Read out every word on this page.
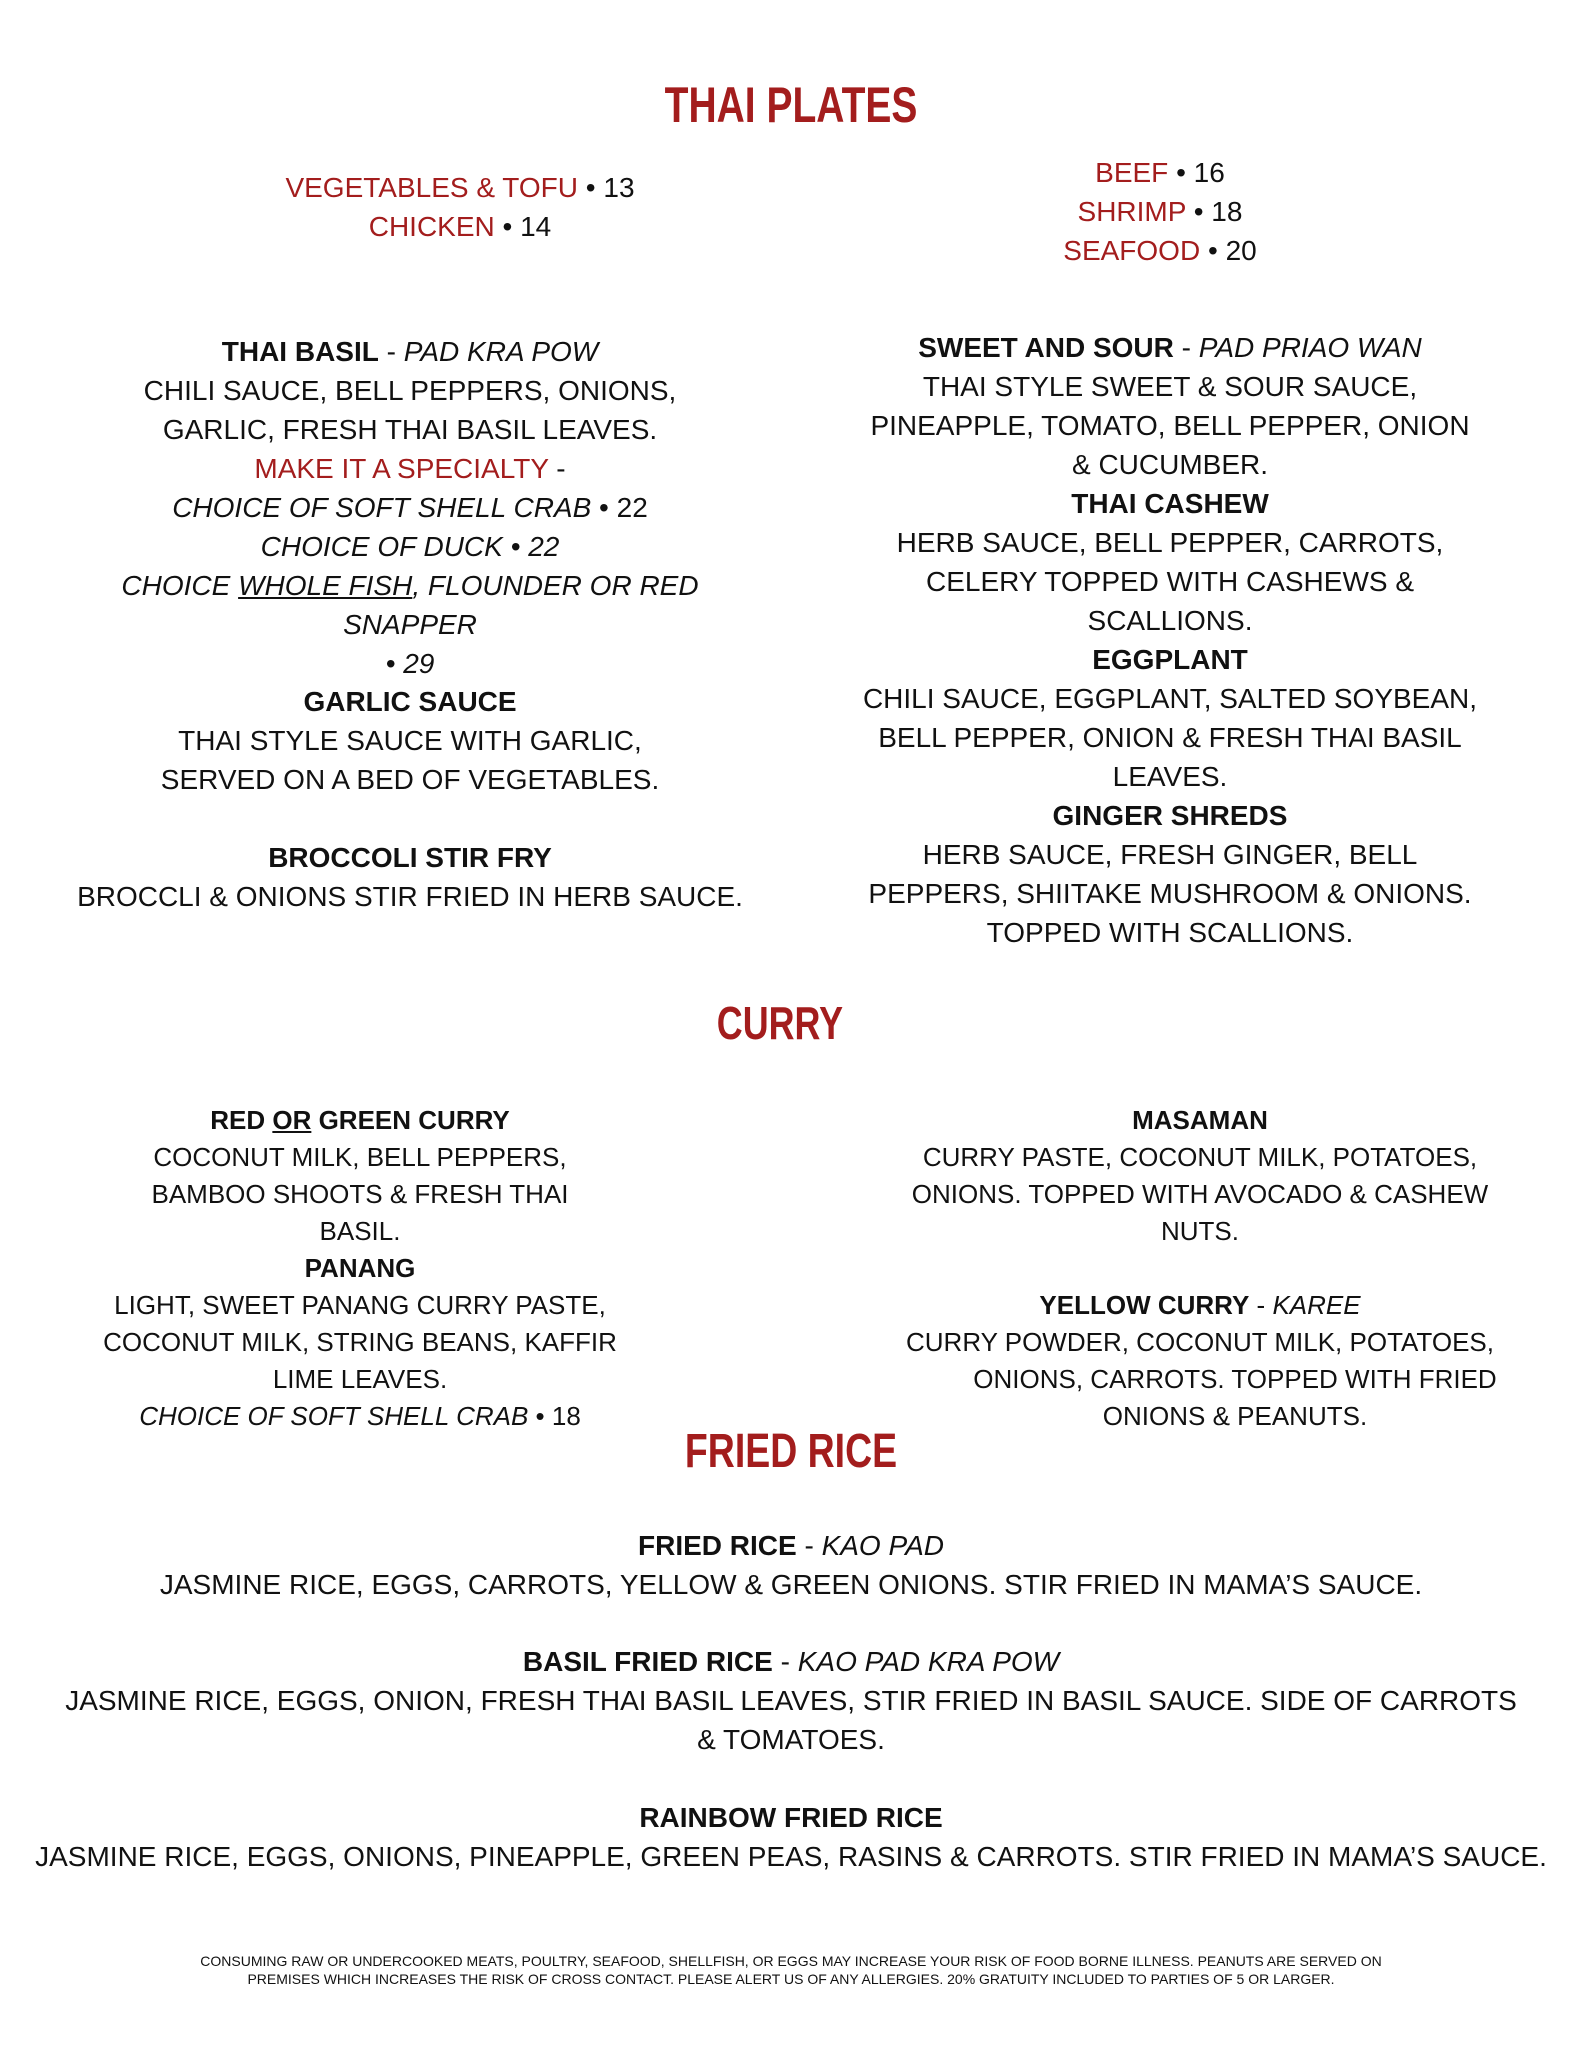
THAI PLATES
VEGETABLES & TOFU • 13
CHICKEN • 14
BEEF • 16
SHRIMP • 18
SEAFOOD • 20
THAI BASIL - PAD KRA POW
CHILI SAUCE, BELL PEPPERS, ONIONS, GARLIC, FRESH THAI BASIL LEAVES.
MAKE IT A SPECIALTY -
CHOICE OF SOFT SHELL CRAB • 22
CHOICE OF DUCK • 22
CHOICE WHOLE FISH, FLOUNDER OR RED SNAPPER
• 29
GARLIC SAUCE
THAI STYLE SAUCE WITH GARLIC, SERVED ON A BED OF VEGETABLES.
BROCCOLI STIR FRY
BROCCLI & ONIONS STIR FRIED IN HERB SAUCE.
SWEET AND SOUR - PAD PRIAO WAN
THAI STYLE SWEET & SOUR SAUCE, PINEAPPLE, TOMATO, BELL PEPPER, ONION & CUCUMBER.
THAI CASHEW
HERB SAUCE, BELL PEPPER, CARROTS, CELERY TOPPED WITH CASHEWS & SCALLIONS.
EGGPLANT
CHILI SAUCE, EGGPLANT, SALTED SOYBEAN, BELL PEPPER, ONION & FRESH THAI BASIL LEAVES.
GINGER SHREDS
HERB SAUCE, FRESH GINGER, BELL PEPPERS, SHIITAKE MUSHROOM & ONIONS. TOPPED WITH SCALLIONS.
CURRY
RED OR GREEN CURRY
COCONUT MILK, BELL PEPPERS, BAMBOO SHOOTS & FRESH THAI BASIL.
PANANG
LIGHT, SWEET PANANG CURRY PASTE, COCONUT MILK, STRING BEANS, KAFFIR LIME LEAVES.
CHOICE OF SOFT SHELL CRAB • 18
MASAMAN
CURRY PASTE, COCONUT MILK, POTATOES, ONIONS. TOPPED WITH AVOCADO & CASHEW NUTS.
YELLOW CURRY - KAREE
CURRY POWDER, COCONUT MILK, POTATOES,
ONIONS, CARROTS. TOPPED WITH FRIED
ONIONS & PEANUTS.
FRIED RICE
FRIED RICE - KAO PAD
JASMINE RICE, EGGS, CARROTS, YELLOW & GREEN ONIONS. STIR FRIED IN MAMA’S SAUCE.
BASIL FRIED RICE - KAO PAD KRA POW
JASMINE RICE, EGGS, ONION, FRESH THAI BASIL LEAVES, STIR FRIED IN BASIL SAUCE. SIDE OF CARROTS & TOMATOES.
RAINBOW FRIED RICE
JASMINE RICE, EGGS, ONIONS, PINEAPPLE, GREEN PEAS, RASINS & CARROTS. STIR FRIED IN MAMA’S SAUCE.
CONSUMING RAW OR UNDERCOOKED MEATS, POULTRY, SEAFOOD, SHELLFISH, OR EGGS MAY INCREASE YOUR RISK OF FOOD BORNE ILLNESS. PEANUTS ARE SERVED ON PREMISES WHICH INCREASES THE RISK OF CROSS CONTACT. PLEASE ALERT US OF ANY ALLERGIES. 20% GRATUITY INCLUDED TO PARTIES OF 5 OR LARGER.
